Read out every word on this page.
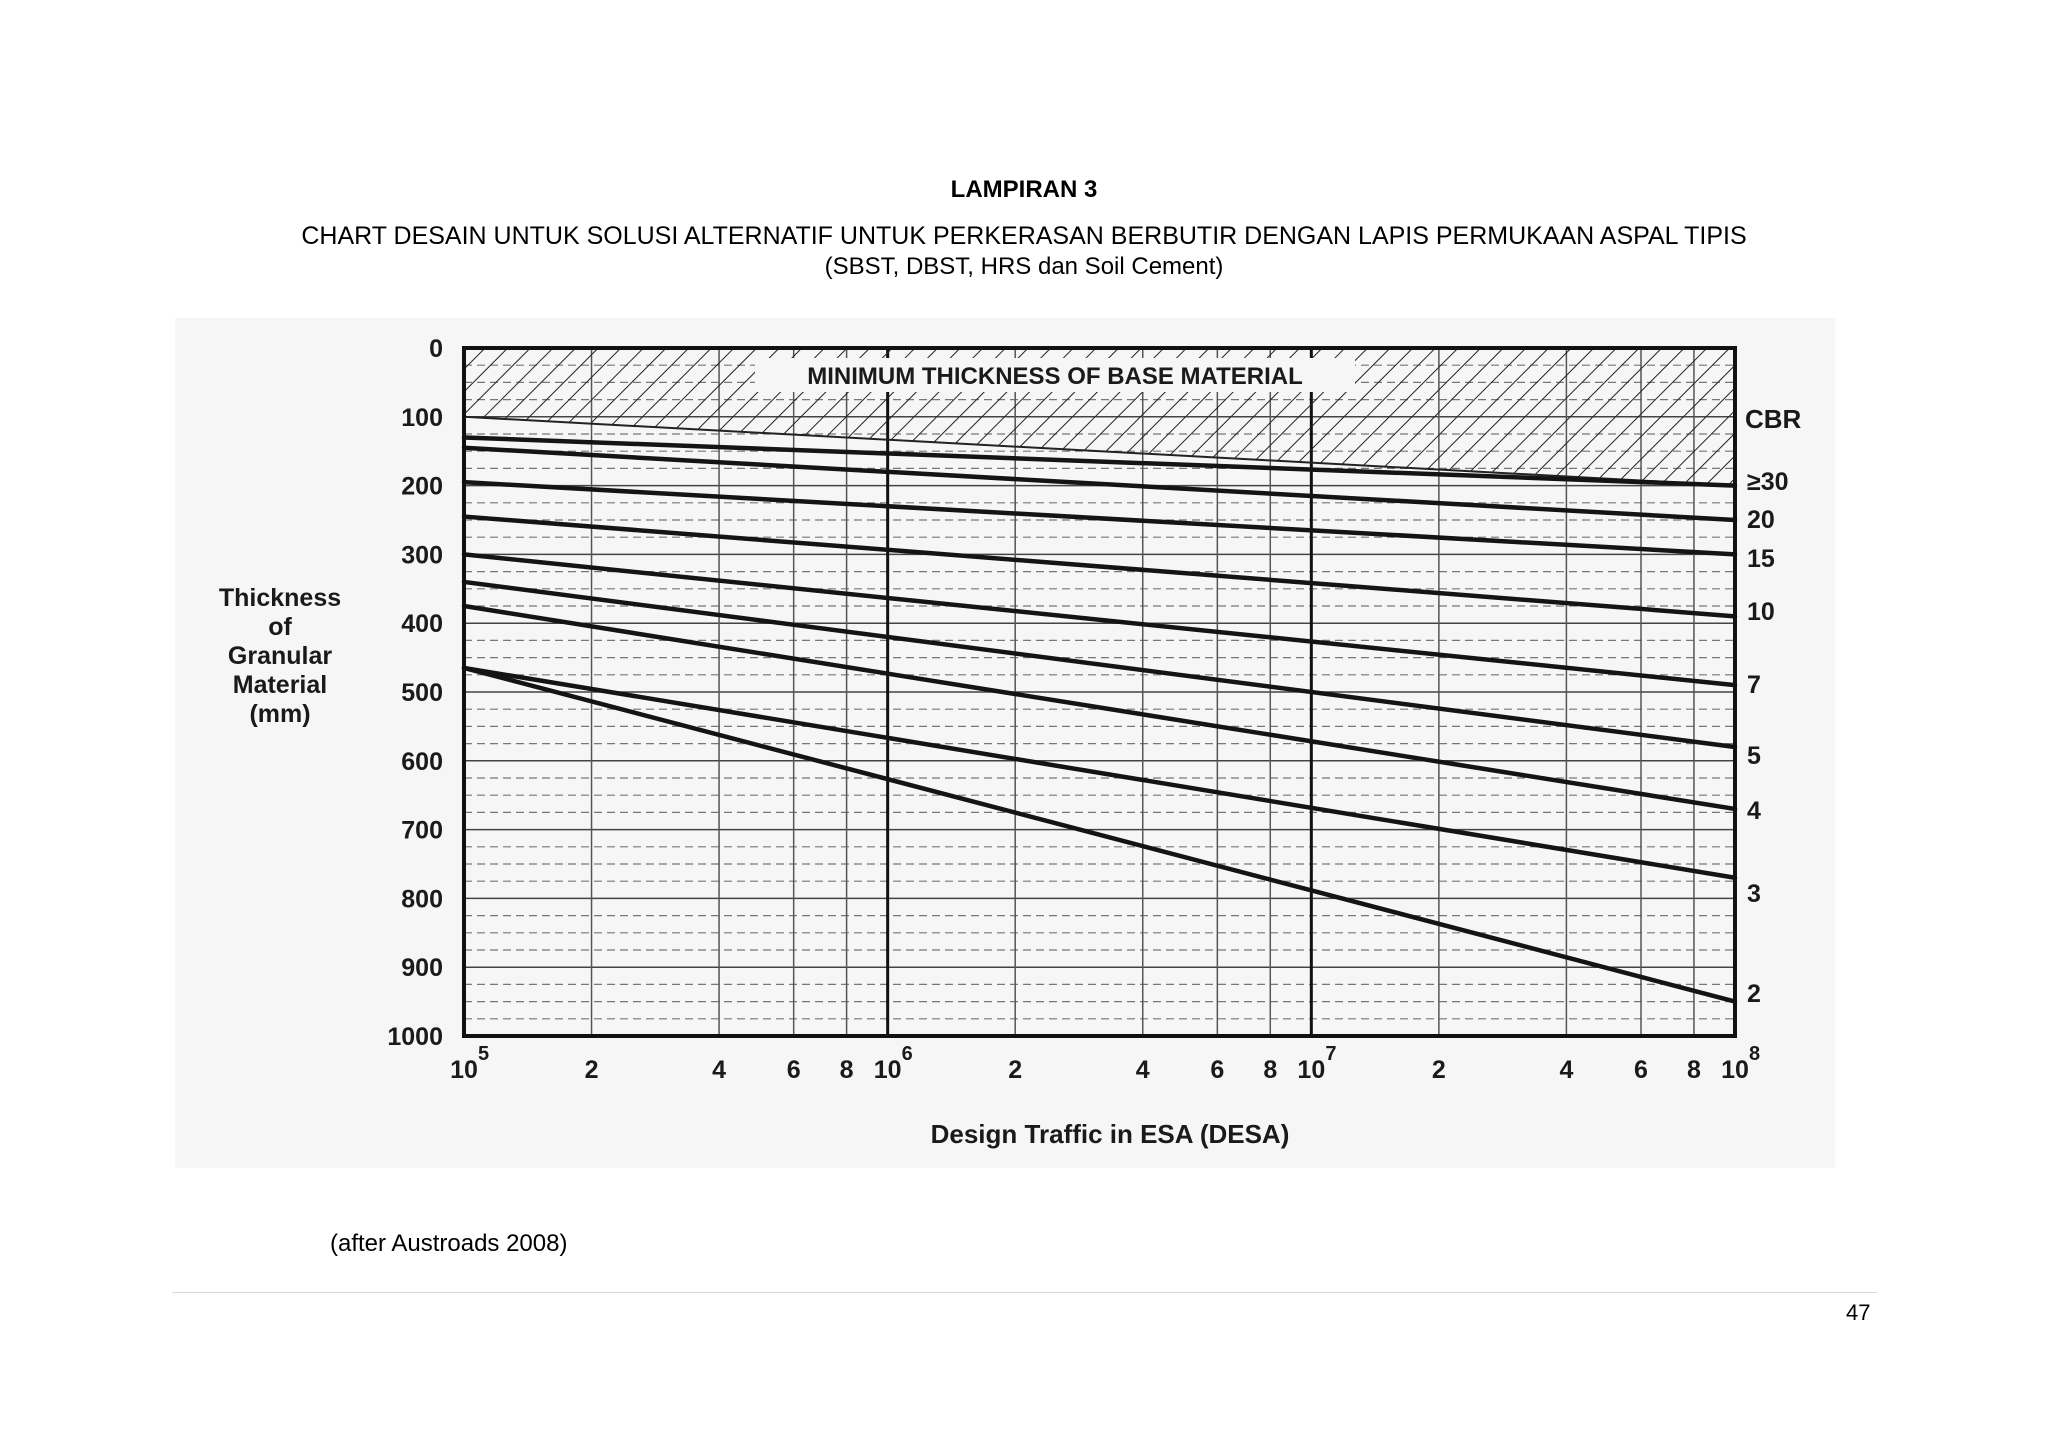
LAMPIRAN 3
CHART DESAIN UNTUK SOLUSI ALTERNATIF UNTUK PERKERASAN BERBUTIR DENGAN LAPIS PERMUKAAN ASPAL TIPIS
(SBST, DBST, HRS dan Soil Cement)
MINIMUM THICKNESS OF BASE MATERIAL
0
100
200
300
400
500
600
700
800
900
1000
10
5
2	4 6 8 10
6
2	4 6 8 10
7
2	4 6 8 10
8
Thickness
of
Granular
Material
(mm)
Design Traffic in ESA (DESA)
CBR
≥30
20
15
10
7
5
4
3
2
(after Austroads 2008)
47
